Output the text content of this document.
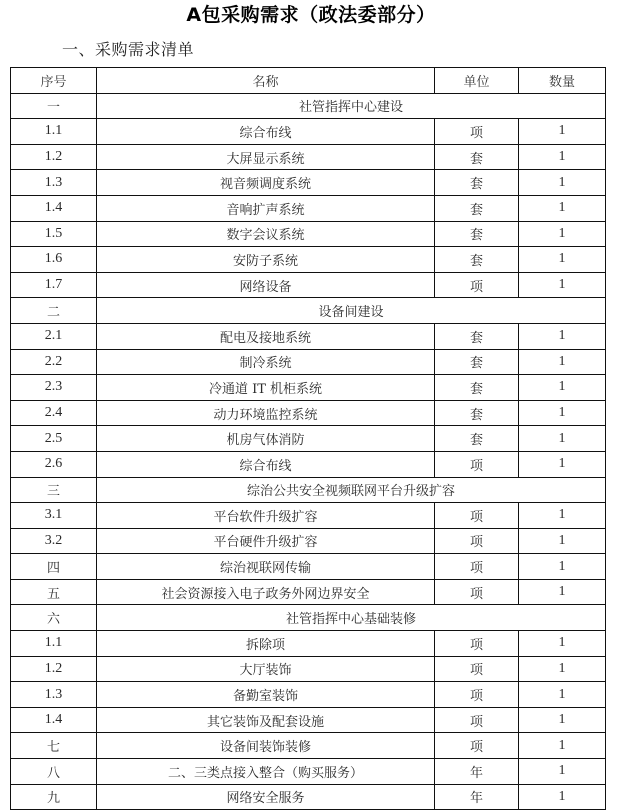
A包采购需求（政法委部分）
一、采购需求清单
序号	名称	单位	数量
一	社管指挥中心建设		
1.1	综合布线	项	1
1.2	大屏显示系统	套	1
1.3	视音频调度系统	套	1
1.4	音响扩声系统	套	1
1.5	数字会议系统	套	1
1.6	安防子系统	套	1
1.7	网络设备	项	1
二	设备间建设		
2.1	配电及接地系统	套	1
2.2	制冷系统	套	1
2.3	冷通道 IT 机柜系统	套	1
2.4	动力环境监控系统	套	1
2.5	机房气体消防	套	1
2.6	综合布线	项	1
三	综治公共安全视频联网平台升级扩容		
3.1	平台软件升级扩容	项	1
3.2	平台硬件升级扩容	项	1
四	综治视联网传输	项	1
五	社会资源接入电子政务外网边界安全	项	1
六	社管指挥中心基础装修		
1.1	拆除项	项	1
1.2	大厅装饰	项	1
1.3	备勤室装饰	项	1
1.4	其它装饰及配套设施	项	1
七	设备间装饰装修	项	1
八	二、三类点接入整合（购买服务）	年	1
九	网络安全服务	年	1
